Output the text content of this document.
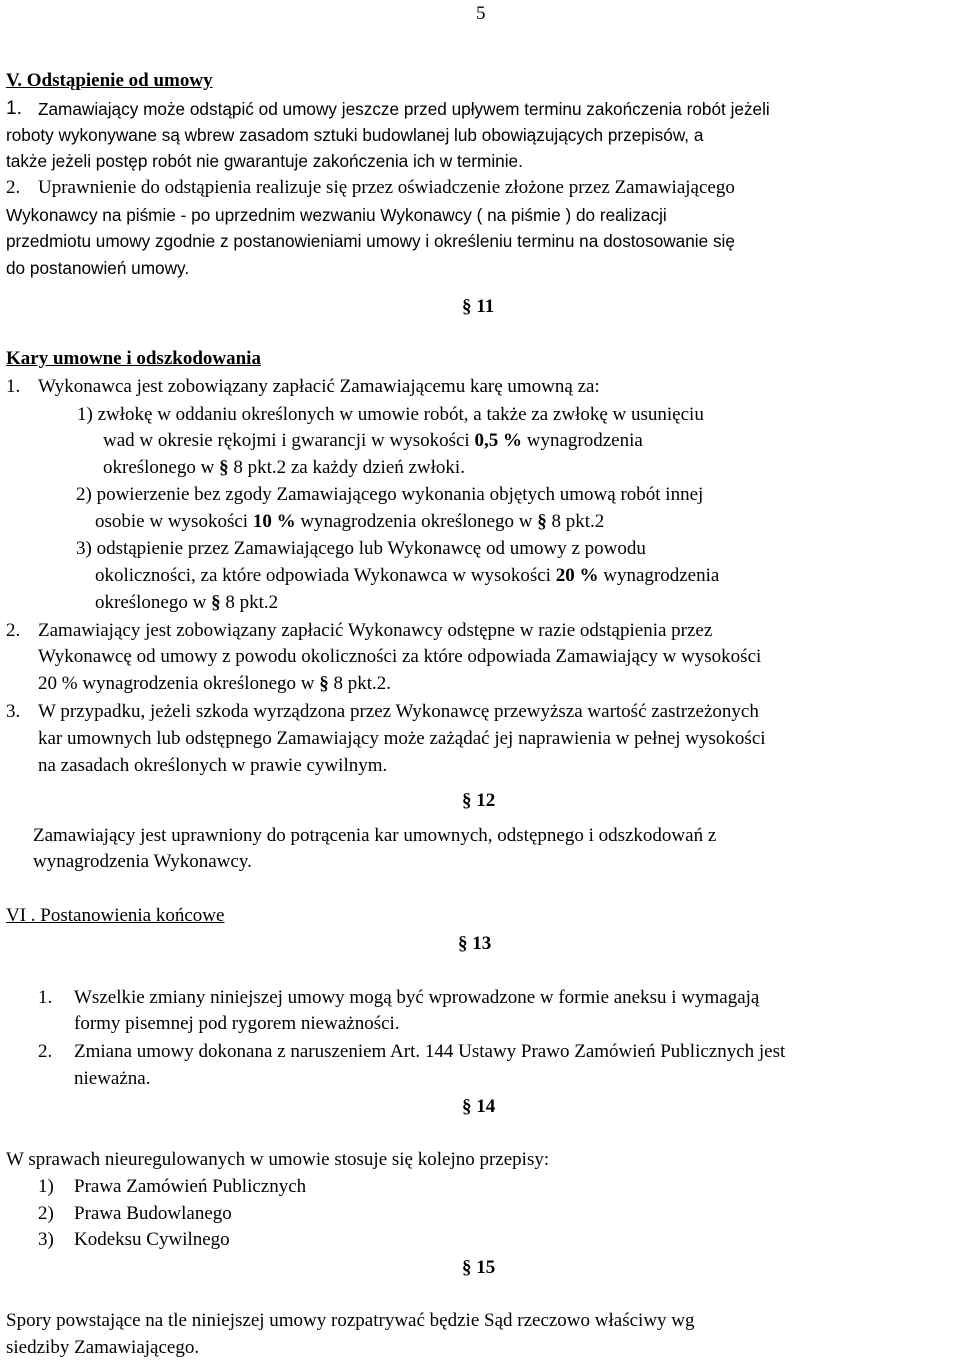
5
V. Odstąpienie od umowy
1. Zamawiający może odstąpić od umowy jeszcze przed upływem terminu zakończenia robót jeżeli
roboty wykonywane są wbrew zasadom sztuki budowlanej lub obowiązujących przepisów, a
także jeżeli postęp robót nie gwarantuje zakończenia ich w terminie.
2. Uprawnienie do odstąpienia realizuje się przez oświadczenie złożone przez Zamawiającego
Wykonawcy na piśmie - po uprzednim wezwaniu Wykonawcy ( na piśmie ) do realizacji
przedmiotu umowy zgodnie z postanowieniami umowy i określeniu terminu na dostosowanie się
do postanowień umowy.
§ 11
Kary umowne i odszkodowania
1. Wykonawca jest zobowiązany zapłacić Zamawiającemu karę umowną za:
1) zwłokę w oddaniu określonych w umowie robót, a także za zwłokę w usunięciu
wad w okresie rękojmi i gwarancji w wysokości 0,5 % wynagrodzenia
określonego w § 8 pkt.2 za każdy dzień zwłoki.
2) powierzenie bez zgody Zamawiającego wykonania objętych umową robót innej
osobie w wysokości 10 % wynagrodzenia określonego w § 8 pkt.2
3) odstąpienie przez Zamawiającego lub Wykonawcę od umowy z powodu
okoliczności, za które odpowiada Wykonawca w wysokości 20 % wynagrodzenia
określonego w § 8 pkt.2
2. Zamawiający jest zobowiązany zapłacić Wykonawcy odstępne w razie odstąpienia przez
Wykonawcę od umowy z powodu okoliczności za które odpowiada Zamawiający w wysokości
20 % wynagrodzenia określonego w § 8 pkt.2.
3. W przypadku, jeżeli szkoda wyrządzona przez Wykonawcę przewyższa wartość zastrzeżonych
kar umownych lub odstępnego Zamawiający może zażądać jej naprawienia w pełnej wysokości
na zasadach określonych w prawie cywilnym.
§ 12
Zamawiający jest uprawniony do potrącenia kar umownych, odstępnego i odszkodowań z
wynagrodzenia Wykonawcy.
VI . Postanowienia końcowe
§ 13
1. Wszelkie zmiany niniejszej umowy mogą być wprowadzone w formie aneksu i wymagają
formy pisemnej pod rygorem nieważności.
2. Zmiana umowy dokonana z naruszeniem Art. 144 Ustawy Prawo Zamówień Publicznych jest
nieważna.
§ 14
W sprawach nieuregulowanych w umowie stosuje się kolejno przepisy:
1) Prawa Zamówień Publicznych
2) Prawa Budowlanego
3) Kodeksu Cywilnego
§ 15
Spory powstające na tle niniejszej umowy rozpatrywać będzie Sąd rzeczowo właściwy wg
siedziby Zamawiającego.
